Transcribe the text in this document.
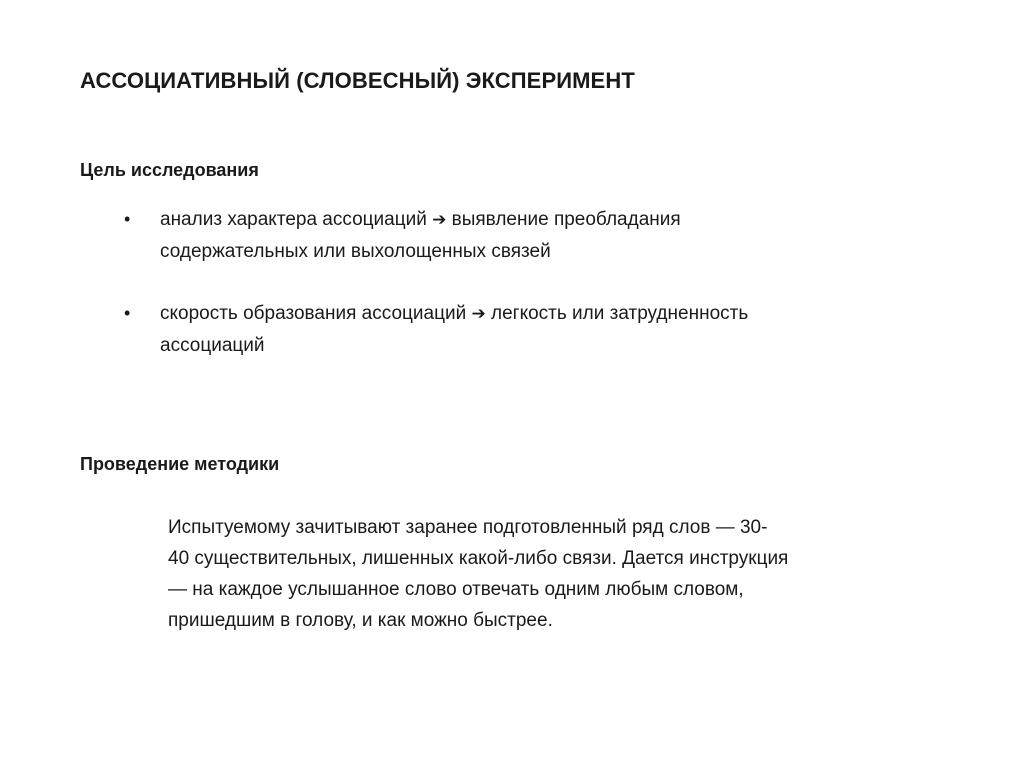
АССОЦИАТИВНЫЙ (СЛОВЕСНЫЙ) ЭКСПЕРИМЕНТ
Цель исследования
• анализ характера ассоциаций ➔ выявление преобладания
содержательных или выхолощенных связей
• скорость образования ассоциаций ➔ легкость или затрудненность
ассоциаций
Проведение методики
Испытуемому зачитывают заранее подготовленный ряд слов — 30-
40 существительных, лишенных какой-либо связи. Дается инструкция
— на каждое услышанное слово отвечать одним любым словом,
пришедшим в голову, и как можно быстрее.
